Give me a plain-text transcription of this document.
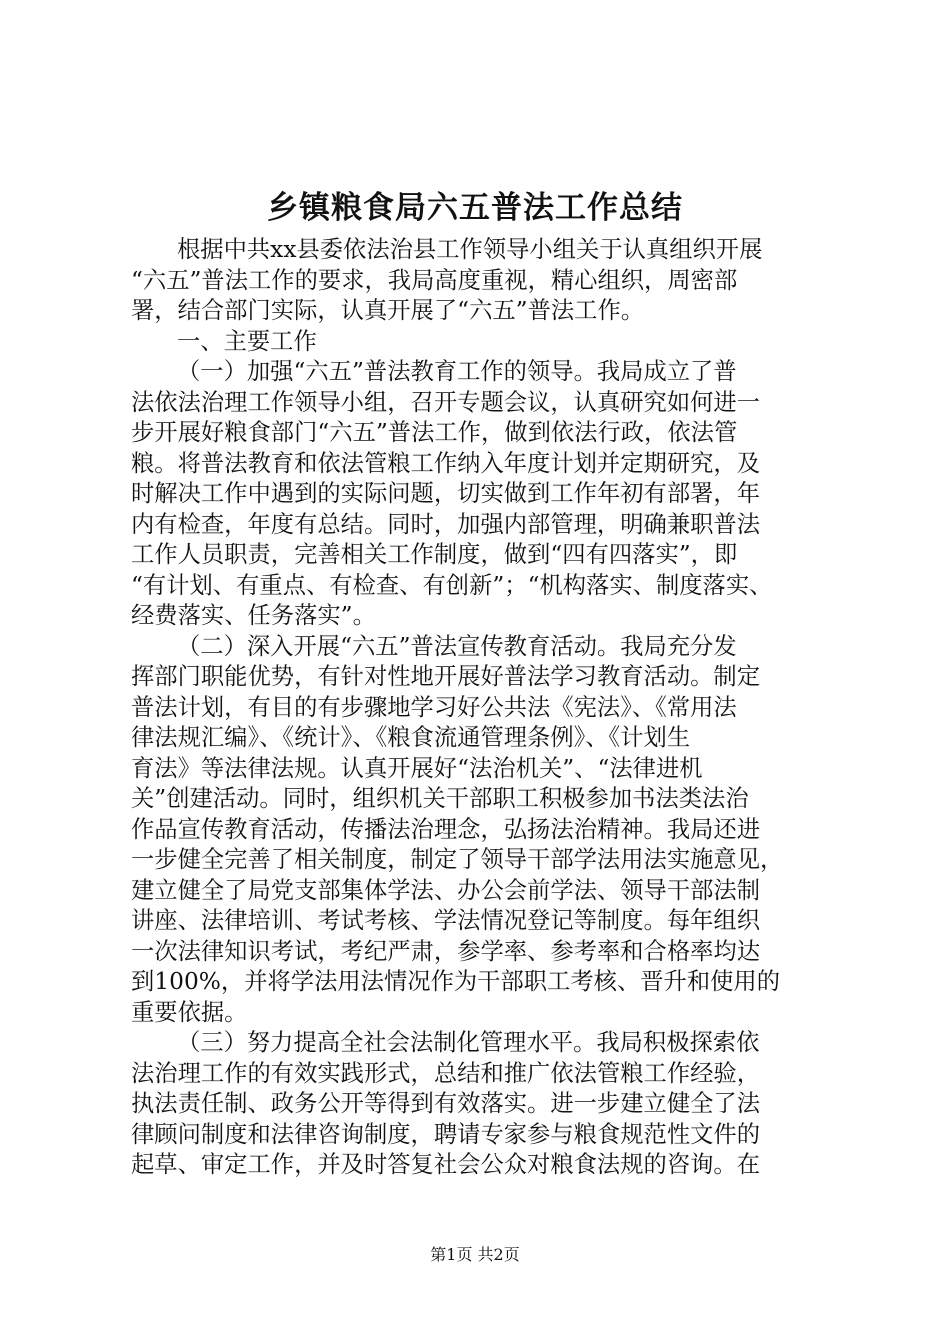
乡镇粮食局六五普法工作总结
根据中共xx县委依法治县工作领导小组关于认真组织开展
“六五”普法工作的要求，我局高度重视，精心组织，周密部
署，结合部门实际，认真开展了“六五”普法工作。
一、主要工作
（一）加强“六五”普法教育工作的领导。我局成立了普
法依法治理工作领导小组，召开专题会议，认真研究如何进一
步开展好粮食部门“六五”普法工作，做到依法行政，依法管
粮。将普法教育和依法管粮工作纳入年度计划并定期研究，及
时解决工作中遇到的实际问题，切实做到工作年初有部署，年
内有检查，年度有总结。同时，加强内部管理，明确兼职普法
工作人员职责，完善相关工作制度，做到“四有四落实”，即
“有计划、有重点、有检查、有创新”；“机构落实、制度落实、
经费落实、任务落实”。
（二）深入开展“六五”普法宣传教育活动。我局充分发
挥部门职能优势，有针对性地开展好普法学习教育活动。制定
普法计划，有目的有步骤地学习好公共法《宪法》、《常用法
律法规汇编》、《统计》、《粮食流通管理条例》、《计划生
育法》等法律法规。认真开展好“法治机关”、“法律进机
关”创建活动。同时，组织机关干部职工积极参加书法类法治
作品宣传教育活动，传播法治理念，弘扬法治精神。我局还进
一步健全完善了相关制度，制定了领导干部学法用法实施意见，
建立健全了局党支部集体学法、办公会前学法、领导干部法制
讲座、法律培训、考试考核、学法情况登记等制度。每年组织
一次法律知识考试，考纪严肃，参学率、参考率和合格率均达
到100%，并将学法用法情况作为干部职工考核、晋升和使用的
重要依据。
（三）努力提高全社会法制化管理水平。我局积极探索依
法治理工作的有效实践形式，总结和推广依法管粮工作经验，
执法责任制、政务公开等得到有效落实。进一步建立健全了法
律顾问制度和法律咨询制度，聘请专家参与粮食规范性文件的
起草、审定工作，并及时答复社会公众对粮食法规的咨询。在
第1页 共2页
